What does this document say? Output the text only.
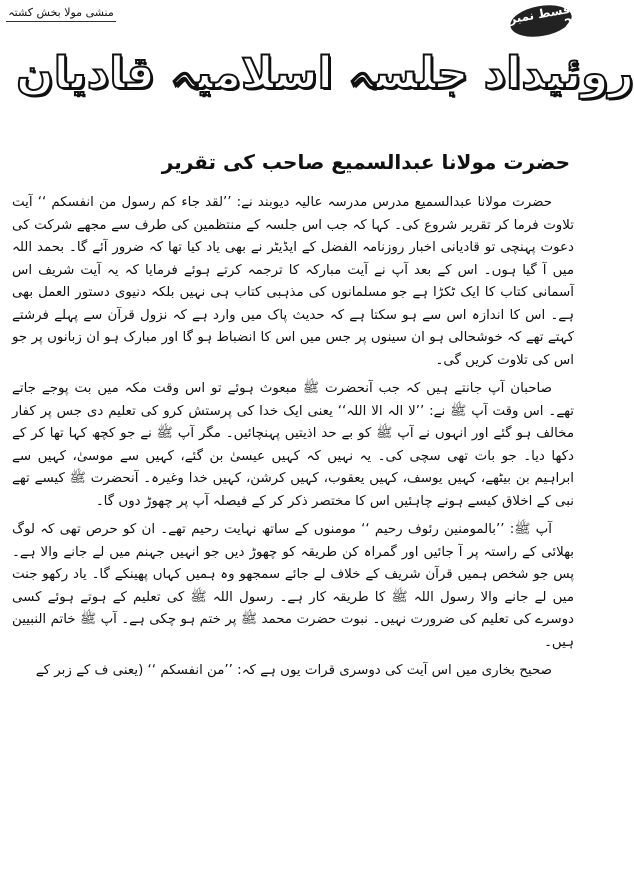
منشی مولا بخش کشتہ	قسط نمبر 2
روئیداد جلسہ اسلامیہ قادیان
حضرت مولانا عبدالسمیع صاحب کی تقریر

حضرت مولانا عبدالسمیع مدرس مدرسہ عالیہ دیوبند نے: ’’لقد جاء کم رسول من انفسکم ‘‘ آیت تلاوت فرما کر تقریر شروع کی۔ کہا کہ جب اس جلسہ کے منتظمین کی طرف سے مجھے شرکت کی دعوت پہنچی تو قادیانی اخبار روزنامہ الفضل کے ایڈیٹر نے بھی یاد کیا تھا کہ ضرور آئے گا۔ بحمد اللہ میں آ گیا ہوں۔ اس کے بعد آپ نے آیت مبارکہ کا ترجمہ کرتے ہوئے فرمایا کہ یہ آیت شریف اس آسمانی کتاب کا ایک ٹکڑا ہے جو مسلمانوں کی مذہبی کتاب ہی نہیں بلکہ دنیوی دستور العمل بھی ہے۔ اس کا اندازہ اس سے ہو سکتا ہے کہ حدیث پاک میں وارد ہے کہ نزول قرآن سے پہلے فرشتے کہتے تھے کہ خوشحالی ہو ان سینوں پر جس میں اس کا انضباط ہو گا اور مبارک ہو ان زبانوں پر جو اس کی تلاوت کریں گی۔

صاحبان آپ جانتے ہیں کہ جب آنحضرت ﷺ مبعوث ہوئے تو اس وقت مکہ میں بت پوجے جاتے تھے۔ اس وقت آپ ﷺ نے: ’’لا الہ الا اللہ‘‘ یعنی ایک خدا کی پرستش کرو کی تعلیم دی جس پر کفار مخالف ہو گئے اور انہوں نے آپ ﷺ کو بے حد اذیتیں پہنچائیں۔ مگر آپ ﷺ نے جو کچھ کہا تھا کر کے دکھا دیا۔ جو بات تھی سچی کی۔ یہ نہیں کہ کہیں عیسیٰ بن گئے، کہیں سے موسیٰ، کہیں سے ابراہیم بن بیٹھے، کہیں یوسف، کہیں یعقوب، کہیں کرشن، کہیں خدا وغیرہ۔ آنحضرت ﷺ کیسے تھے نبی کے اخلاق کیسے ہونے چاہئیں اس کا مختصر ذکر کر کے فیصلہ آپ پر چھوڑ دوں گا۔

آپ ﷺ: ’’بالمومنین رئوف رحیم ‘‘ مومنوں کے ساتھ نہایت رحیم تھے۔ ان کو حرص تھی کہ لوگ بھلائی کے راستہ پر آ جائیں اور گمراہ کن طریقہ کو چھوڑ دیں جو انہیں جہنم میں لے جانے والا ہے۔ پس جو شخص ہمیں قرآن شریف کے خلاف لے جائے سمجھو وہ ہمیں کہاں پھینکے گا۔ یاد رکھو جنت میں لے جانے والا رسول اللہ ﷺ کا طریقہ کار ہے۔ رسول اللہ ﷺ کی تعلیم کے ہوتے ہوئے کسی دوسرے کی تعلیم کی ضرورت نہیں۔ نبوت حضرت محمد ﷺ پر ختم ہو چکی ہے۔ آپ ﷺ خاتم النبیین ہیں۔

صحیح بخاری میں اس آیت کی دوسری قرات یوں ہے کہ: ’’من انفسکم ‘‘ (یعنی ف کے زبر کے
